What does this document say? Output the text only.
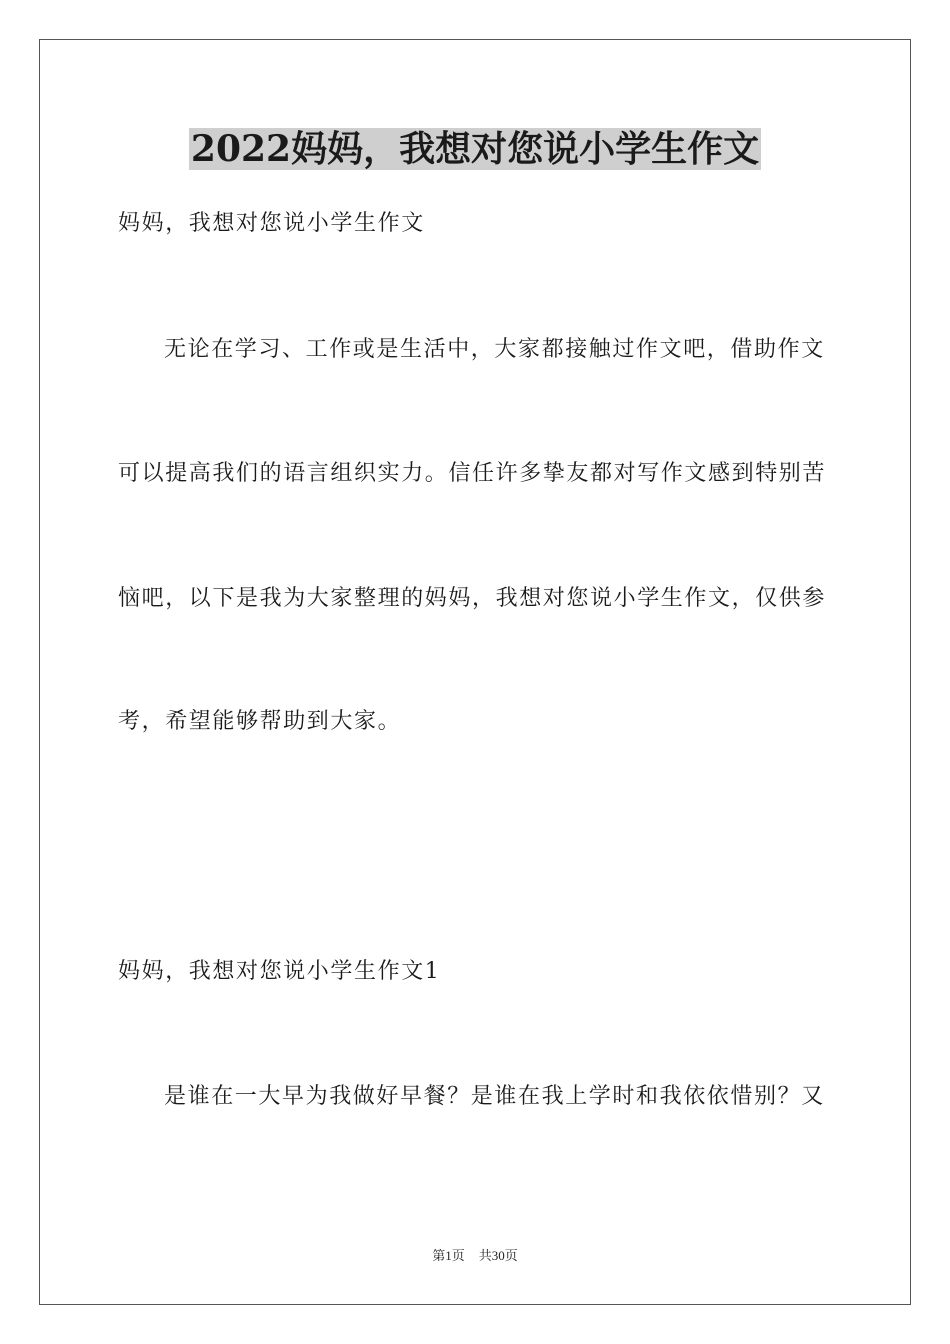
2022妈妈，我想对您说小学生作文
妈妈，我想对您说小学生作文
无论在学习、工作或是生活中，大家都接触过作文吧，借助作文
可以提高我们的语言组织实力。信任许多挚友都对写作文感到特别苦
恼吧，以下是我为大家整理的妈妈，我想对您说小学生作文，仅供参
考，希望能够帮助到大家。
妈妈，我想对您说小学生作文1
是谁在一大早为我做好早餐？是谁在我上学时和我依依惜别？又
第1页 共30页
